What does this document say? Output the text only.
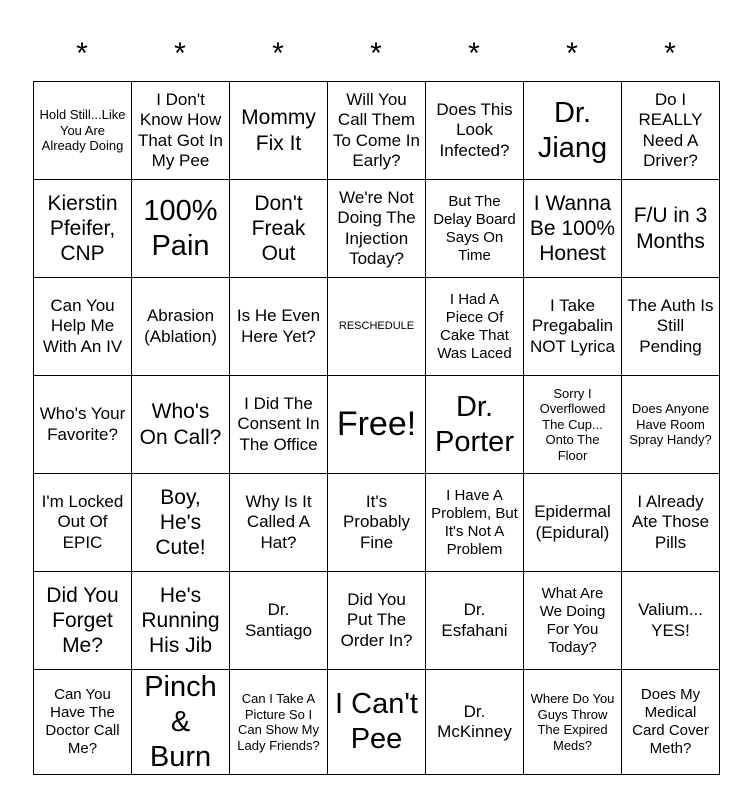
*	*	*	*	*	*	*
Hold Still...Like You Are Already Doing	I Don't Know How That Got In My Pee	Mommy Fix It	Will You Call Them To Come In Early?	Does This Look Infected?	Dr. Jiang	Do I REALLY Need A Driver?
Kierstin Pfeifer, CNP	100% Pain	Don't Freak Out	We're Not Doing The Injection Today?	But The Delay Board Says On Time	I Wanna Be 100% Honest	F/U in 3 Months
Can You Help Me With An IV	Abrasion (Ablation)	Is He Even Here Yet?	RESCHEDULE	I Had A Piece Of Cake That Was Laced	I Take Pregabalin NOT Lyrica	The Auth Is Still Pending
Who's Your Favorite?	Who's On Call?	I Did The Consent In The Office	Free!	Dr. Porter	Sorry I Overflowed The Cup... Onto The Floor	Does Anyone Have Room Spray Handy?
I'm Locked Out Of EPIC	Boy, He's Cute!	Why Is It Called A Hat?	It's Probably Fine	I Have A Problem, But It's Not A Problem	Epidermal (Epidural)	I Already Ate Those Pills
Did You Forget Me?	He's Running His Jib	Dr. Santiago	Did You Put The Order In?	Dr. Esfahani	What Are We Doing For You Today?	Valium... YES!
Can You Have The Doctor Call Me?	Pinch & Burn	Can I Take A Picture So I Can Show My Lady Friends?	I Can't Pee	Dr. McKinney	Where Do You Guys Throw The Expired Meds?	Does My Medical Card Cover Meth?
